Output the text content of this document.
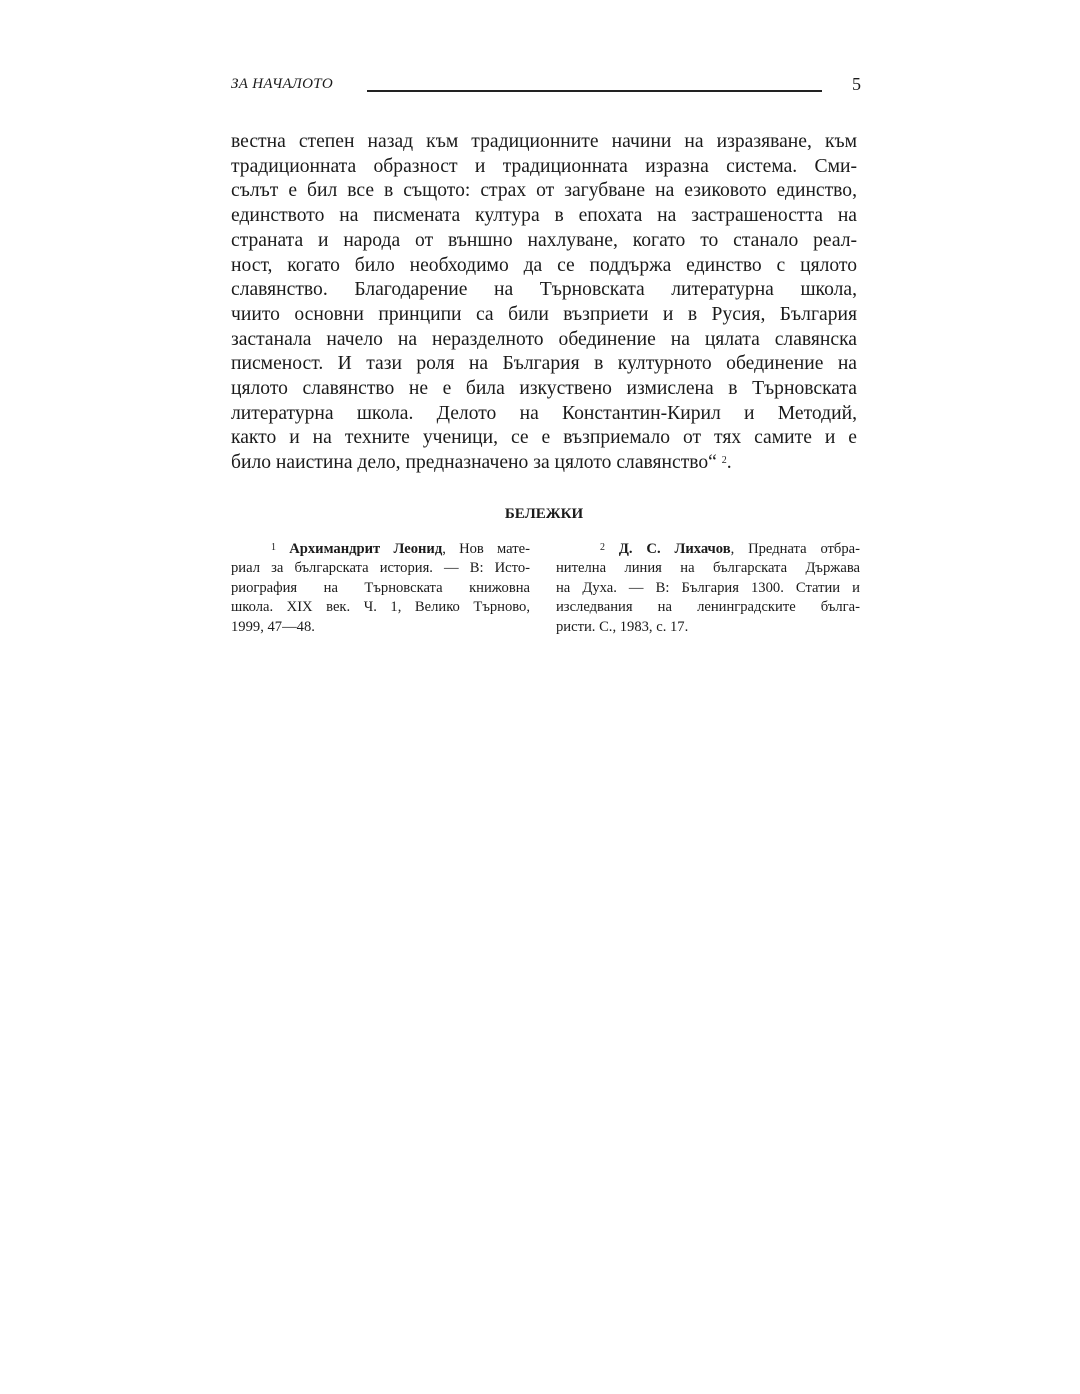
ЗА НАЧАЛОТО	5
вестна степен назад към традиционните начини на изразяване, към
традиционната образност и традиционната изразна система. Сми-
сълът е бил все в същото: страх от загубване на езиковото единство,
единството на писмената култура в епохата на застрашеността на
страната и народа от външно нахлуване, когато то станало реал-
ност, когато било необходимо да се поддържа единство с цялото
славянство. Благодарение на Търновската литературна школа,
чиито основни принципи са били възприети и в Русия, България
застанала начело на неразделното обединение на цялата славянска
писменост. И тази роля на България в културното обединение на
цялото славянство не е била изкуствено измислена в Търновската
литературна школа. Делото на Константин-Кирил и Методий,
както и на техните ученици, се е възприемало от тях самите и е
било наистина дело, предназначено за цялото славянство“ $^2$.
БЕЛЕЖКИ
$^1$ Архимандрит Леонид, Нов мате-
риал за българската история. — В: Исто-
риография на Търновската книжовна
школа. XIX век. Ч. 1, Велико Търново,
1999, 47—48.
$^2$ Д. С. Лихачов, Предната отбра-
нителна линия на българската Държава
на Духа. — В: България 1300. Статии и
изследвания на ленинградските бълга-
ристи. С., 1983, с. 17.
